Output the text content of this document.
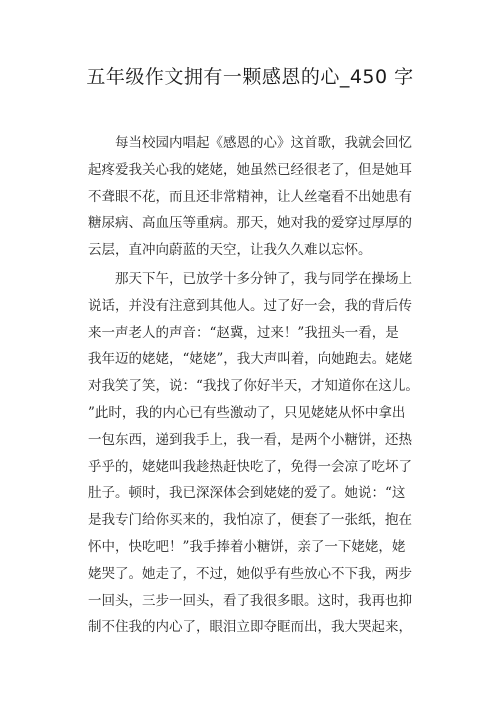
五年级作文拥有一颗感恩的心_450 字
每当校园内唱起《感恩的心》这首歌，我就会回忆
起疼爱我关心我的姥姥，她虽然已经很老了，但是她耳
不聋眼不花，而且还非常精神，让人丝毫看不出她患有
糖尿病、高血压等重病。那天，她对我的爱穿过厚厚的
云层，直冲向蔚蓝的天空，让我久久难以忘怀。
那天下午，已放学十多分钟了，我与同学在操场上
说话，并没有注意到其他人。过了好一会，我的背后传
来一声老人的声音：“赵冀，过来！”我扭头一看，是
我年迈的姥姥，“姥姥”，我大声叫着，向她跑去。姥姥
对我笑了笑，说：“我找了你好半天，才知道你在这儿。
”此时，我的内心已有些激动了，只见姥姥从怀中拿出
一包东西，递到我手上，我一看，是两个小糖饼，还热
乎乎的，姥姥叫我趁热赶快吃了，免得一会凉了吃坏了
肚子。顿时，我已深深体会到姥姥的爱了。她说：“这
是我专门给你买来的，我怕凉了，便套了一张纸，抱在
怀中，快吃吧！”我手捧着小糖饼，亲了一下姥姥，姥
姥哭了。她走了，不过，她似乎有些放心不下我，两步
一回头，三步一回头，看了我很多眼。这时，我再也抑
制不住我的内心了，眼泪立即夺眶而出，我大哭起来，
